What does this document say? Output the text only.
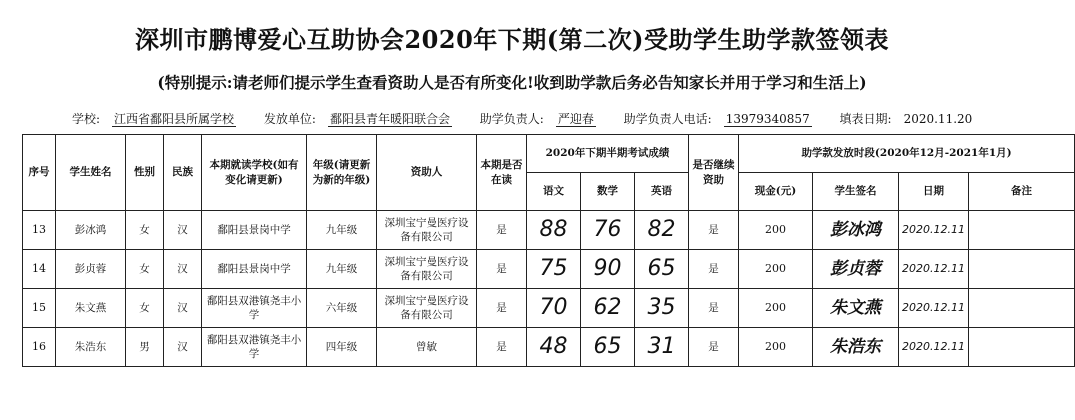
深圳市鹏博爱心互助协会2020年下期(第二次)受助学生助学款签领表
(特别提示:请老师们提示学生查看资助人是否有所变化!收到助学款后务必告知家长并用于学习和生活上)
学校: 江西省鄱阳县所属学校 发放单位: 鄱阳县青年暖阳联合会 助学负责人: 严迎春 助学负责人电话: 13979340857 填表日期: 2020.11.20
序号	学生姓名	性别	民族	本期就读学校(如有变化请更新)	年级(请更新为新的年级)	资助人	本期是否在读	2020年下期半期考试成绩			是否继续资助	助学款发放时段(2020年12月-2021年1月)			
								语文	数学	英语		现金(元)	学生签名	日期	备注
13	彭冰鸿	女	汉	鄱阳县景岗中学	九年级	深圳宝宁曼医疗设备有限公司	是	88	76	82	是	200	彭冰鸿	2020.12.11	
14	彭贞蓉	女	汉	鄱阳县景岗中学	九年级	深圳宝宁曼医疗设备有限公司	是	75	90	65	是	200	彭贞蓉	2020.12.11	
15	朱文燕	女	汉	鄱阳县双港镇尧丰小学	六年级	深圳宝宁曼医疗设备有限公司	是	70	62	35	是	200	朱文燕	2020.12.11	
16	朱浩东	男	汉	鄱阳县双港镇尧丰小学	四年级	曾敏	是	48	65	31	是	200	朱浩东	2020.12.11	
